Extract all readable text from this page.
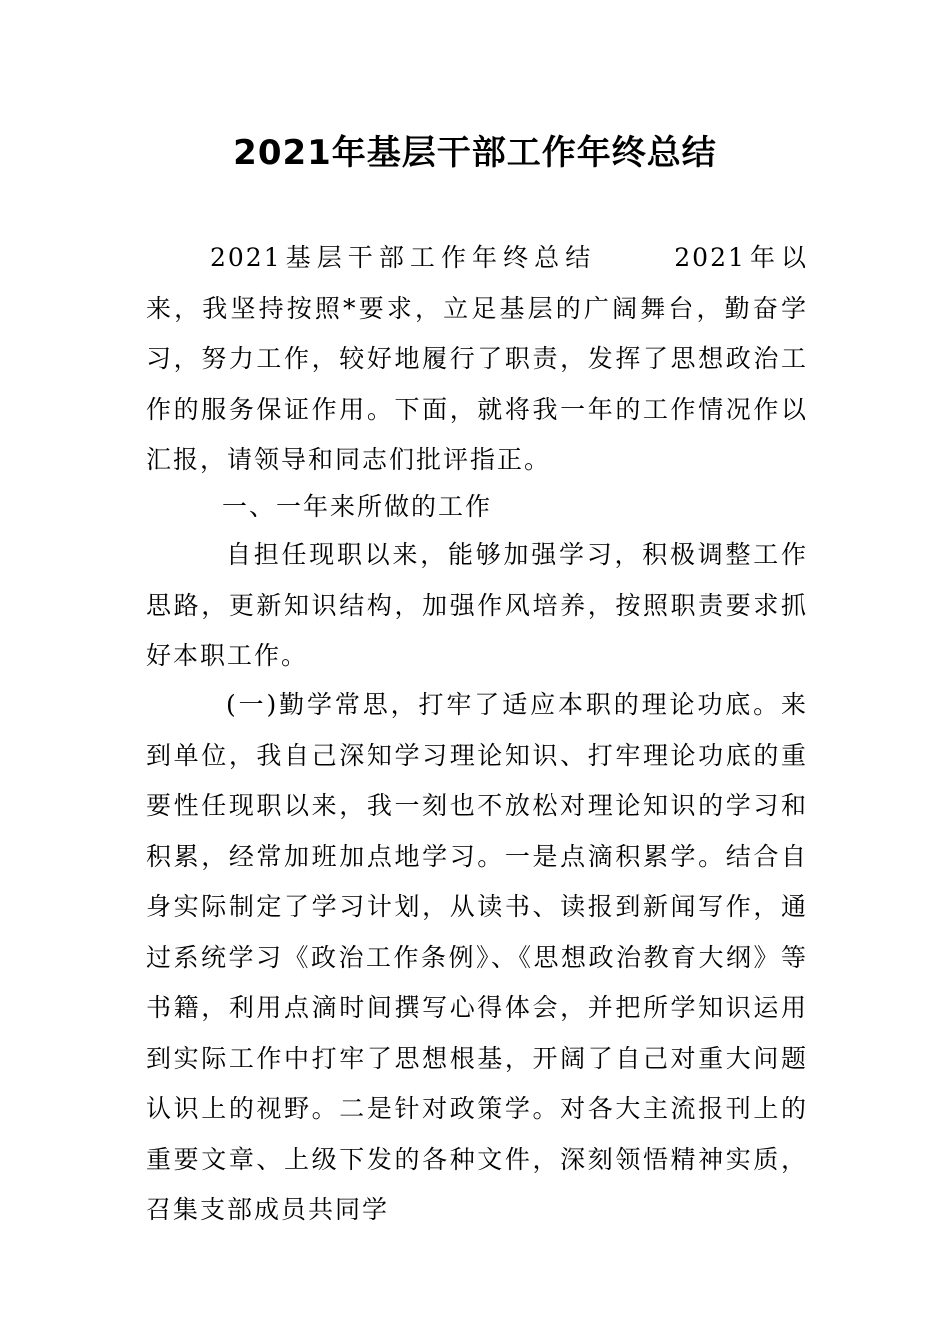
2021年基层干部工作年终总结

2021基层干部工作年终总结	2021年以来，我坚持按照*要求，立足基层的广阔舞台，勤奋学习，努力工作，较好地履行了职责，发挥了思想政治工作的服务保证作用。下面，就将我一年的工作情况作以汇报，请领导和同志们批评指正。

一、一年来所做的工作

自担任现职以来，能够加强学习，积极调整工作思路，更新知识结构，加强作风培养，按照职责要求抓好本职工作。

(一)勤学常思，打牢了适应本职的理论功底。来到单位，我自己深知学习理论知识、打牢理论功底的重要性任现职以来，我一刻也不放松对理论知识的学习和积累，经常加班加点地学习。一是点滴积累学。结合自身实际制定了学习计划，从读书、读报到新闻写作，通过系统学习《政治工作条例》、《思想政治教育大纲》等书籍，利用点滴时间撰写心得体会，并把所学知识运用到实际工作中打牢了思想根基，开阔了自己对重大问题认识上的视野。二是针对政策学。对各大主流报刊上的重要文章、上级下发的各种文件，深刻领悟精神实质，召集支部成员共同学
